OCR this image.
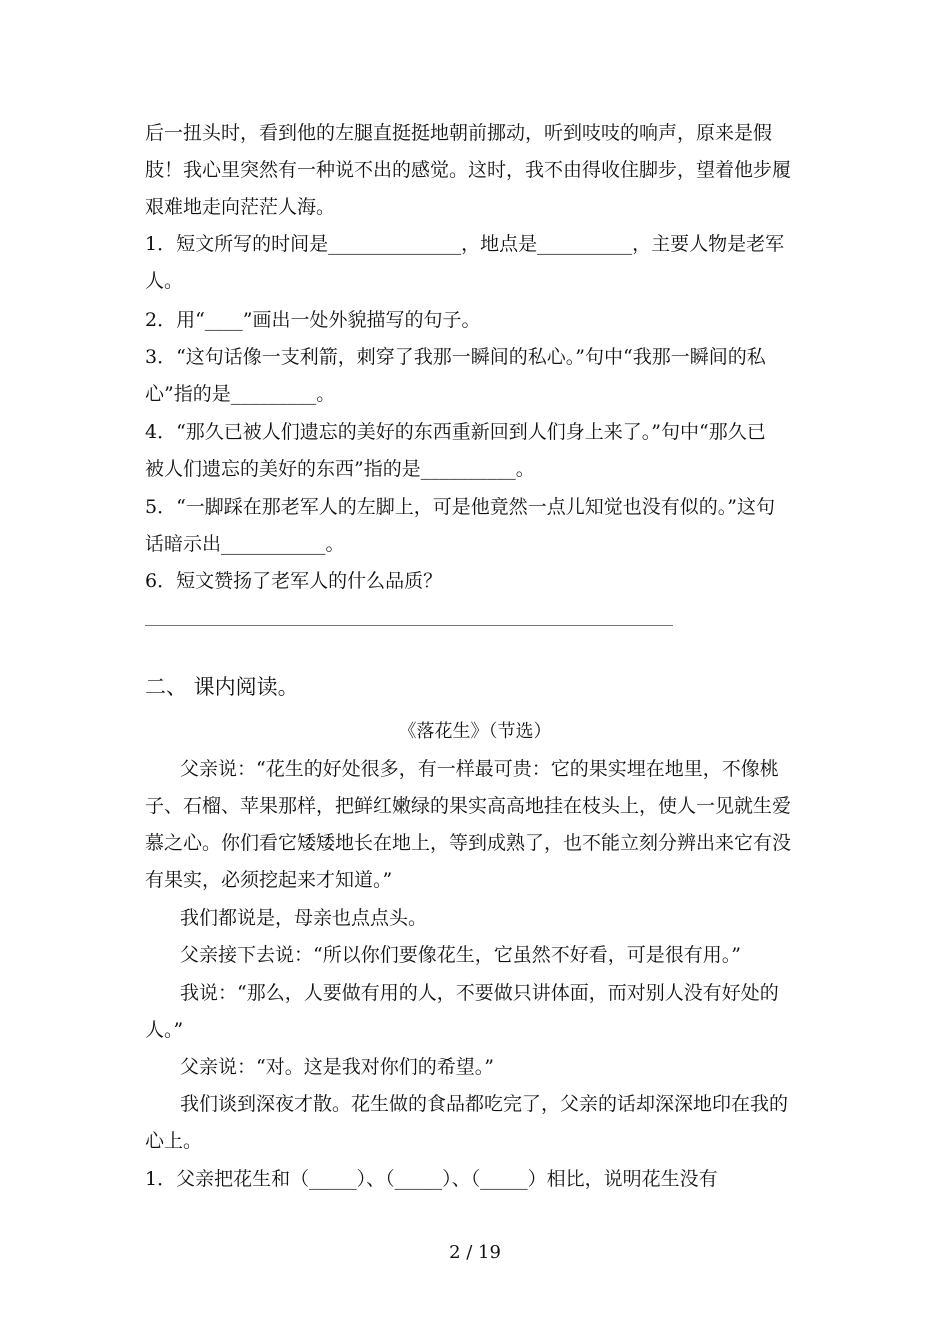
后一扭头时，看到他的左腿直挺挺地朝前挪动，听到吱吱的响声，原来是假
肢！我心里突然有一种说不出的感觉。这时，我不由得收住脚步，望着他步履
艰难地走向茫茫人海。
1．短文所写的时间是______________，地点是__________，主要人物是老军
人。
2．用“____”画出一处外貌描写的句子。
3．“这句话像一支利箭，刺穿了我那一瞬间的私心。”句中“我那一瞬间的私
心”指的是_________。
4．“那久已被人们遗忘的美好的东西重新回到人们身上来了。”句中“那久已
被人们遗忘的美好的东西”指的是__________。
5．“一脚踩在那老军人的左脚上，可是他竟然一点儿知觉也没有似的。”这句
话暗示出___________。
6．短文赞扬了老军人的什么品质？
二、 课内阅读。
《落花生》（节选）
父亲说：“花生的好处很多，有一样最可贵：它的果实埋在地里，不像桃
子、石榴、苹果那样，把鲜红嫩绿的果实高高地挂在枝头上，使人一见就生爱
慕之心。你们看它矮矮地长在地上，等到成熟了，也不能立刻分辨出来它有没
有果实，必须挖起来才知道。”
我们都说是，母亲也点点头。
父亲接下去说：“所以你们要像花生，它虽然不好看，可是很有用。”
我说：“那么，人要做有用的人，不要做只讲体面，而对别人没有好处的
人。”
父亲说：“对。这是我对你们的希望。”
我们谈到深夜才散。花生做的食品都吃完了，父亲的话却深深地印在我的
心上。
1．父亲把花生和（_____）、（_____）、（_____）相比，说明花生没有
2 / 19
